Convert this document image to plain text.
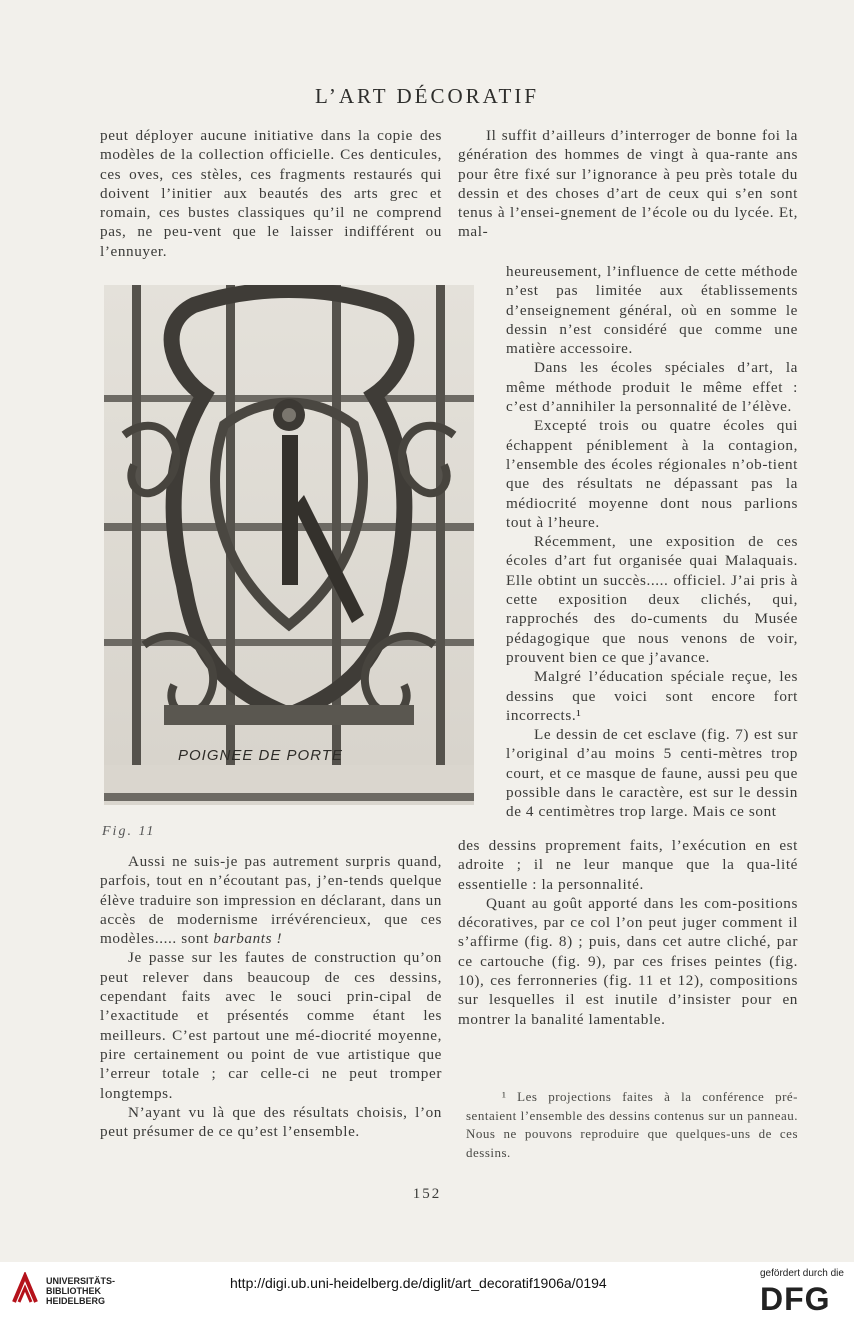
L’ART DÉCORATIF

peut déployer aucune initiative dans la copie des modèles de la collection officielle. Ces denticules, ces oves, ces stèles, ces fragments restaurés qui doivent l’initier aux beautés des arts grec et romain, ces bustes classiques qu’il ne comprend pas, ne peu-vent que le laisser indifférent ou l’ennuyer.

Il suffit d’ailleurs d’interroger de bonne foi la génération des hommes de vingt à qua-rante ans pour être fixé sur l’ignorance à peu près totale du dessin et des choses d’art de ceux qui s’en sont tenus à l’ensei-gnement de l’école ou du lycée. Et, mal-

heureusement, l’influence de cette méthode n’est pas limitée aux établissements d’enseignement général, où en somme le dessin n’est considéré que comme une matière accessoire.

Dans les écoles spéciales d’art, la même méthode produit le même effet : c’est d’annihiler la personnalité de l’élève.

Excepté trois ou quatre écoles qui échappent péniblement à la contagion, l’ensemble des écoles régionales n’ob-tient que des résultats ne dépassant pas la médiocrité moyenne dont nous parlions tout à l’heure.

Récemment, une exposition de ces écoles d’art fut organisée quai Malaquais. Elle obtint un succès..... officiel. J’ai pris à cette exposition deux clichés, qui, rapprochés des do-cuments du Musée pédagogique que nous venons de voir, prouvent bien ce que j’avance.

Malgré l’éducation spéciale reçue, les dessins que voici sont encore fort incorrects.¹

Le dessin de cet esclave (fig. 7) est sur l’original d’au moins 5 centi-mètres trop court, et ce masque de faune, aussi peu que possible dans le caractère, est sur le dessin de 4 centimètres trop large. Mais ce sont

POIGNEE DE PORTE
Fig. 11

Aussi ne suis-je pas autrement surpris quand, parfois, tout en n’écoutant pas, j’en-tends quelque élève traduire son impression en déclarant, dans un accès de modernisme irrévérencieux, que ces modèles..... sont barbants !

Je passe sur les fautes de construction qu’on peut relever dans beaucoup de ces dessins, cependant faits avec le souci prin-cipal de l’exactitude et présentés comme étant les meilleurs. C’est partout une mé-diocrité moyenne, pire certainement ou point de vue artistique que l’erreur totale ; car celle-ci ne peut tromper longtemps.

N’ayant vu là que des résultats choisis, l’on peut présumer de ce qu’est l’ensemble.

des dessins proprement faits, l’exécution en est adroite ; il ne leur manque que la qua-lité essentielle : la personnalité.

Quant au goût apporté dans les com-positions décoratives, par ce col l’on peut juger comment il s’affirme (fig. 8) ; puis, dans cet autre cliché, par ce cartouche (fig. 9), par ces frises peintes (fig. 10), ces ferronneries (fig. 11 et 12), compositions sur lesquelles il est inutile d’insister pour en montrer la banalité lamentable.

¹ Les projections faites à la conférence pré-sentaient l’ensemble des dessins contenus sur un panneau. Nous ne pouvons reproduire que quelques-uns de ces dessins.

152
UNIVERSITÄTS-
BIBLIOTHEK
HEIDELBERG
http://digi.ub.uni-heidelberg.de/diglit/art_decoratif1906a/0194
gefördert durch die
DFG
